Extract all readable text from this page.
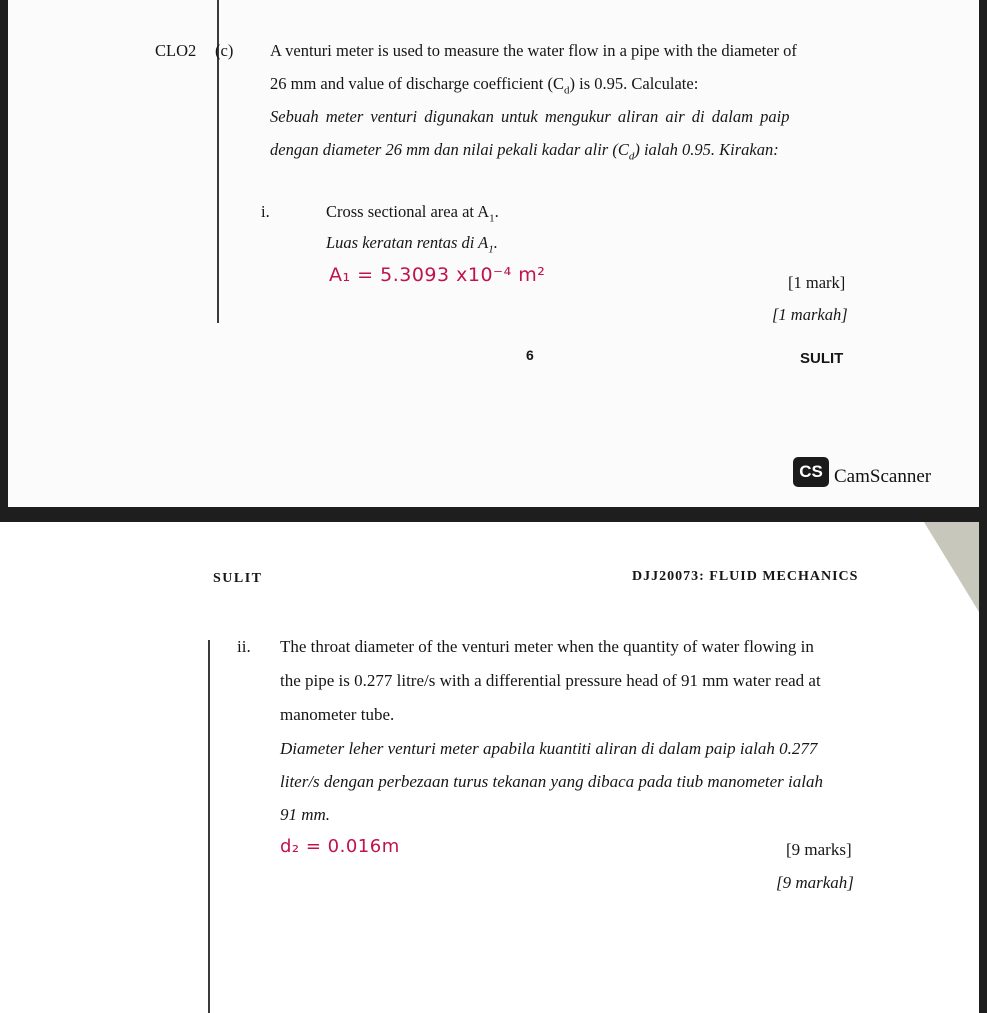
CLO2 (c) A venturi meter is used to measure the water flow in a pipe with the diameter of
26 mm and value of discharge coefficient $(C_d)$ is 0.95. Calculate:
Sebuah meter venturi digunakan untuk mengukur aliran air di dalam paip
dengan diameter 26 mm dan nilai pekali kadar alir $(C_d)$ ialah 0.95. Kirakan:
i.	Cross sectional area at $A_1$.
Luas keratan rentas di $A_1$.
A₁ = 5.3093 x10⁻⁴ m²	[1 mark]
[1 markah]
6	SULIT
CS CamScanner
SULIT	DJJ20073: FLUID MECHANICS
ii. The throat diameter of the venturi meter when the quantity of water flowing in
the pipe is 0.277 litre/s with a differential pressure head of 91 mm water read at
manometer tube.
Diameter leher venturi meter apabila kuantiti aliran di dalam paip ialah 0.277
liter/s dengan perbezaan turus tekanan yang dibaca pada tiub manometer ialah
91 mm.
d₂ = 0.016m	[9 marks]
[9 markah]
